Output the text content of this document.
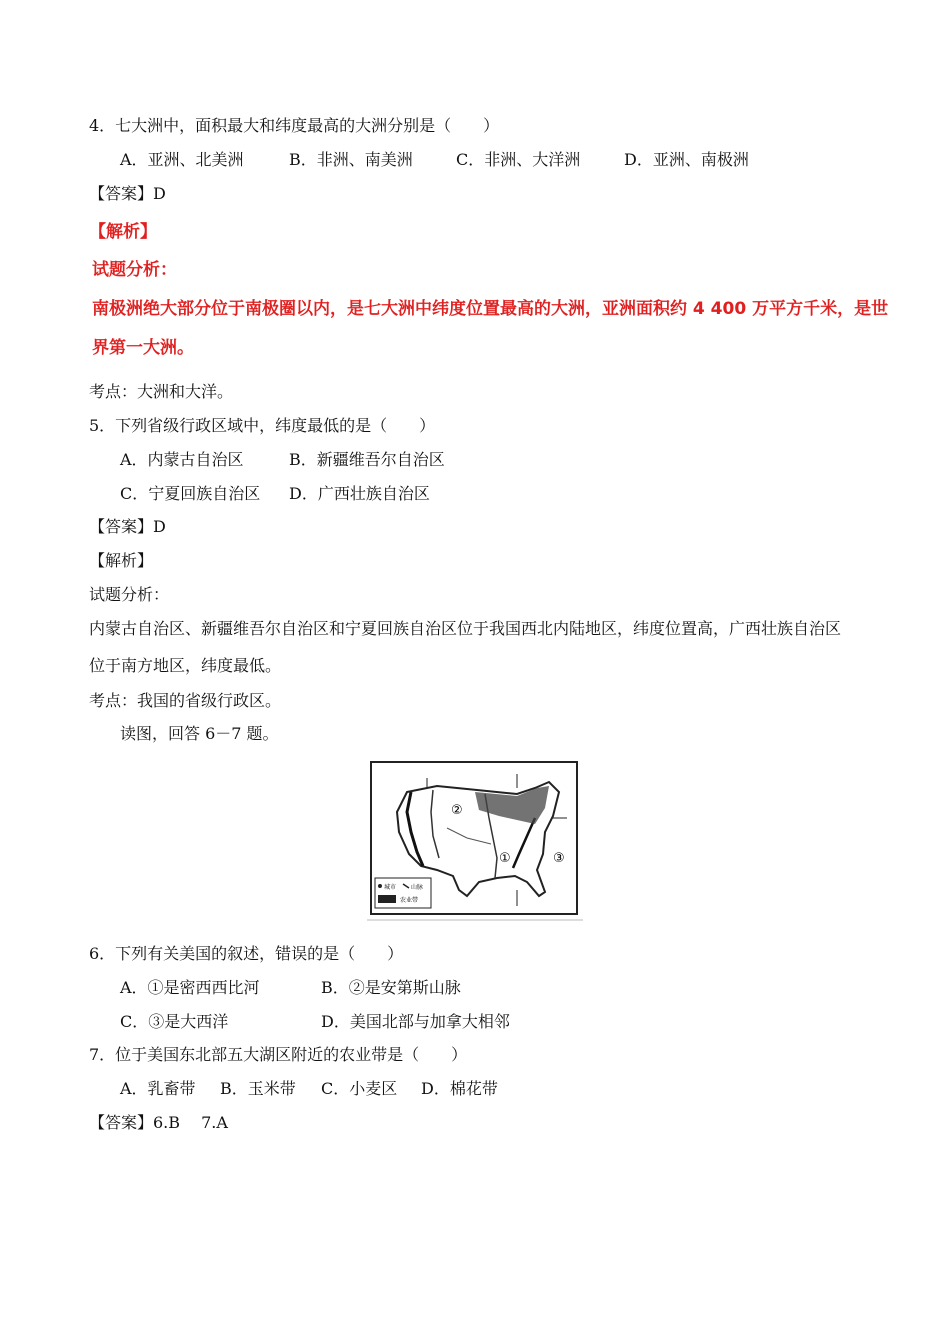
4．七大洲中，面积最大和纬度最高的大洲分别是（　　）
A．亚洲、北美洲	B．非洲、南美洲	C．非洲、大洋洲	D．亚洲、南极洲
【答案】D
【解析】
试题分析：
南极洲绝大部分位于南极圈以内，是七大洲中纬度位置最高的大洲，亚洲面积约 4 400 万平方千米，是世
界第一大洲。
考点：大洲和大洋。
5．下列省级行政区域中，纬度最低的是（　　）
A．内蒙古自治区	B．新疆维吾尔自治区
C．宁夏回族自治区 D．广西壮族自治区
【答案】D
【解析】
试题分析：
内蒙古自治区、新疆维吾尔自治区和宁夏回族自治区位于我国西北内陆地区，纬度位置高，广西壮族自治区
位于南方地区，纬度最低。
考点：我国的省级行政区。
读图，回答 6－7 题。
②
①	③
城市 山脉
农业带
6．下列有关美国的叙述，错误的是（　　）
A．①是密西西比河	B．②是安第斯山脉
C．③是大西洋	D．美国北部与加拿大相邻
7．位于美国东北部五大湖区附近的农业带是（　　）
A．乳畜带 B．玉米带 C．小麦区 D．棉花带
【答案】6.B　 7.A
